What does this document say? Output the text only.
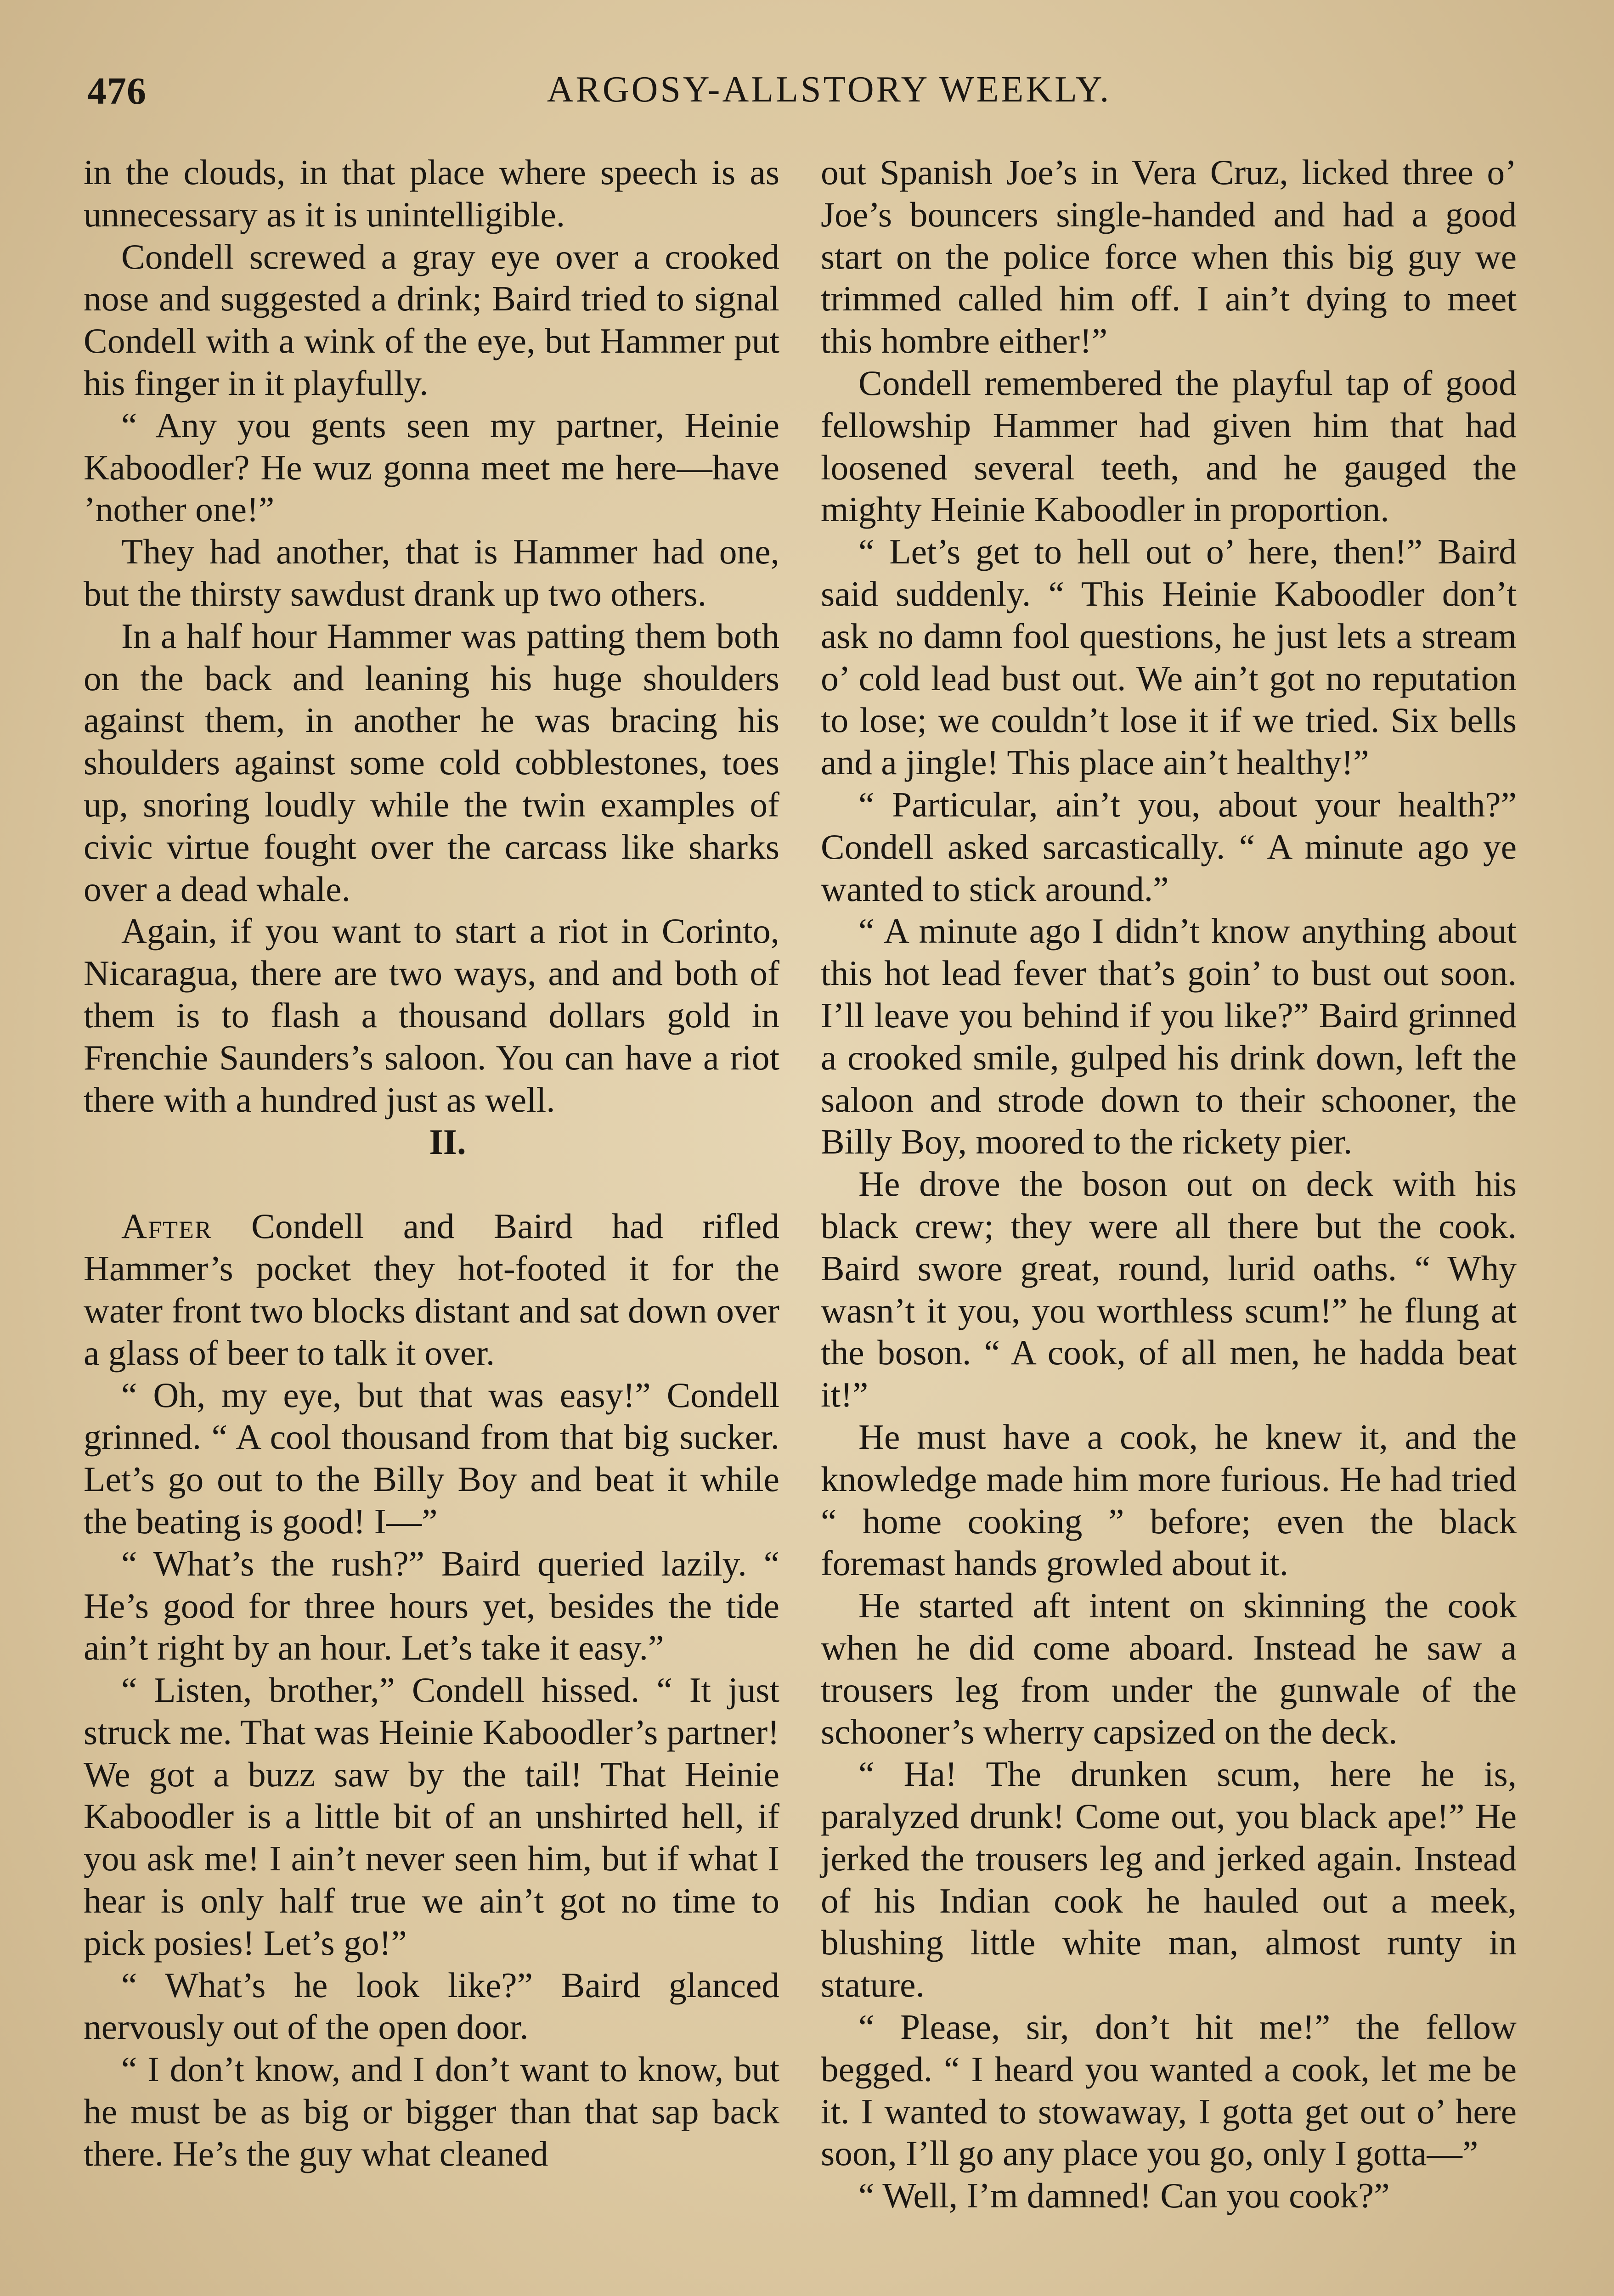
476	ARGOSY-ALLSTORY WEEKLY.

in the clouds, in that place where speech is as unnecessary as it is unintelligible.

Condell screwed a gray eye over a crooked nose and suggested a drink; Baird tried to signal Condell with a wink of the eye, but Hammer put his finger in it playfully.

“ Any you gents seen my partner, Heinie Kaboodler? He wuz gonna meet me here—have ’nother one!”

They had another, that is Hammer had one, but the thirsty sawdust drank up two others.

In a half hour Hammer was patting them both on the back and leaning his huge shoulders against them, in another he was bracing his shoulders against some cold cobblestones, toes up, snoring loudly while the twin examples of civic virtue fought over the carcass like sharks over a dead whale.

Again, if you want to start a riot in Corinto, Nicaragua, there are two ways, and and both of them is to flash a thousand dollars gold in Frenchie Saunders’s saloon. You can have a riot there with a hundred just as well.

II.

After Condell and Baird had rifled Hammer’s pocket they hot-footed it for the water front two blocks distant and sat down over a glass of beer to talk it over.

“ Oh, my eye, but that was easy!” Condell grinned. “ A cool thousand from that big sucker. Let’s go out to the Billy Boy and beat it while the beating is good! I—”

“ What’s the rush?” Baird queried lazily. “ He’s good for three hours yet, besides the tide ain’t right by an hour. Let’s take it easy.”

“ Listen, brother,” Condell hissed. “ It just struck me. That was Heinie Kaboodler’s partner! We got a buzz saw by the tail! That Heinie Kaboodler is a little bit of an unshirted hell, if you ask me! I ain’t never seen him, but if what I hear is only half true we ain’t got no time to pick posies! Let’s go!”

“ What’s he look like?” Baird glanced nervously out of the open door.

“ I don’t know, and I don’t want to know, but he must be as big or bigger than that sap back there. He’s the guy what cleaned

out Spanish Joe’s in Vera Cruz, licked three o’ Joe’s bouncers single-handed and had a good start on the police force when this big guy we trimmed called him off. I ain’t dying to meet this hombre either!”

Condell remembered the playful tap of good fellowship Hammer had given him that had loosened several teeth, and he gauged the mighty Heinie Kaboodler in proportion.

“ Let’s get to hell out o’ here, then!” Baird said suddenly. “ This Heinie Kaboodler don’t ask no damn fool questions, he just lets a stream o’ cold lead bust out. We ain’t got no reputation to lose; we couldn’t lose it if we tried. Six bells and a jingle! This place ain’t healthy!”

“ Particular, ain’t you, about your health?” Condell asked sarcastically. “ A minute ago ye wanted to stick around.”

“ A minute ago I didn’t know anything about this hot lead fever that’s goin’ to bust out soon. I’ll leave you behind if you like?” Baird grinned a crooked smile, gulped his drink down, left the saloon and strode down to their schooner, the Billy Boy, moored to the rickety pier.

He drove the boson out on deck with his black crew; they were all there but the cook. Baird swore great, round, lurid oaths. “ Why wasn’t it you, you worthless scum!” he flung at the boson. “ A cook, of all men, he hadda beat it!”

He must have a cook, he knew it, and the knowledge made him more furious. He had tried “ home cooking ” before; even the black foremast hands growled about it.

He started aft intent on skinning the cook when he did come aboard. Instead he saw a trousers leg from under the gunwale of the schooner’s wherry capsized on the deck.

“ Ha! The drunken scum, here he is, paralyzed drunk! Come out, you black ape!” He jerked the trousers leg and jerked again. Instead of his Indian cook he hauled out a meek, blushing little white man, almost runty in stature.

“ Please, sir, don’t hit me!” the fellow begged. “ I heard you wanted a cook, let me be it. I wanted to stowaway, I gotta get out o’ here soon, I’ll go any place you go, only I gotta—”

“ Well, I’m damned! Can you cook?”
